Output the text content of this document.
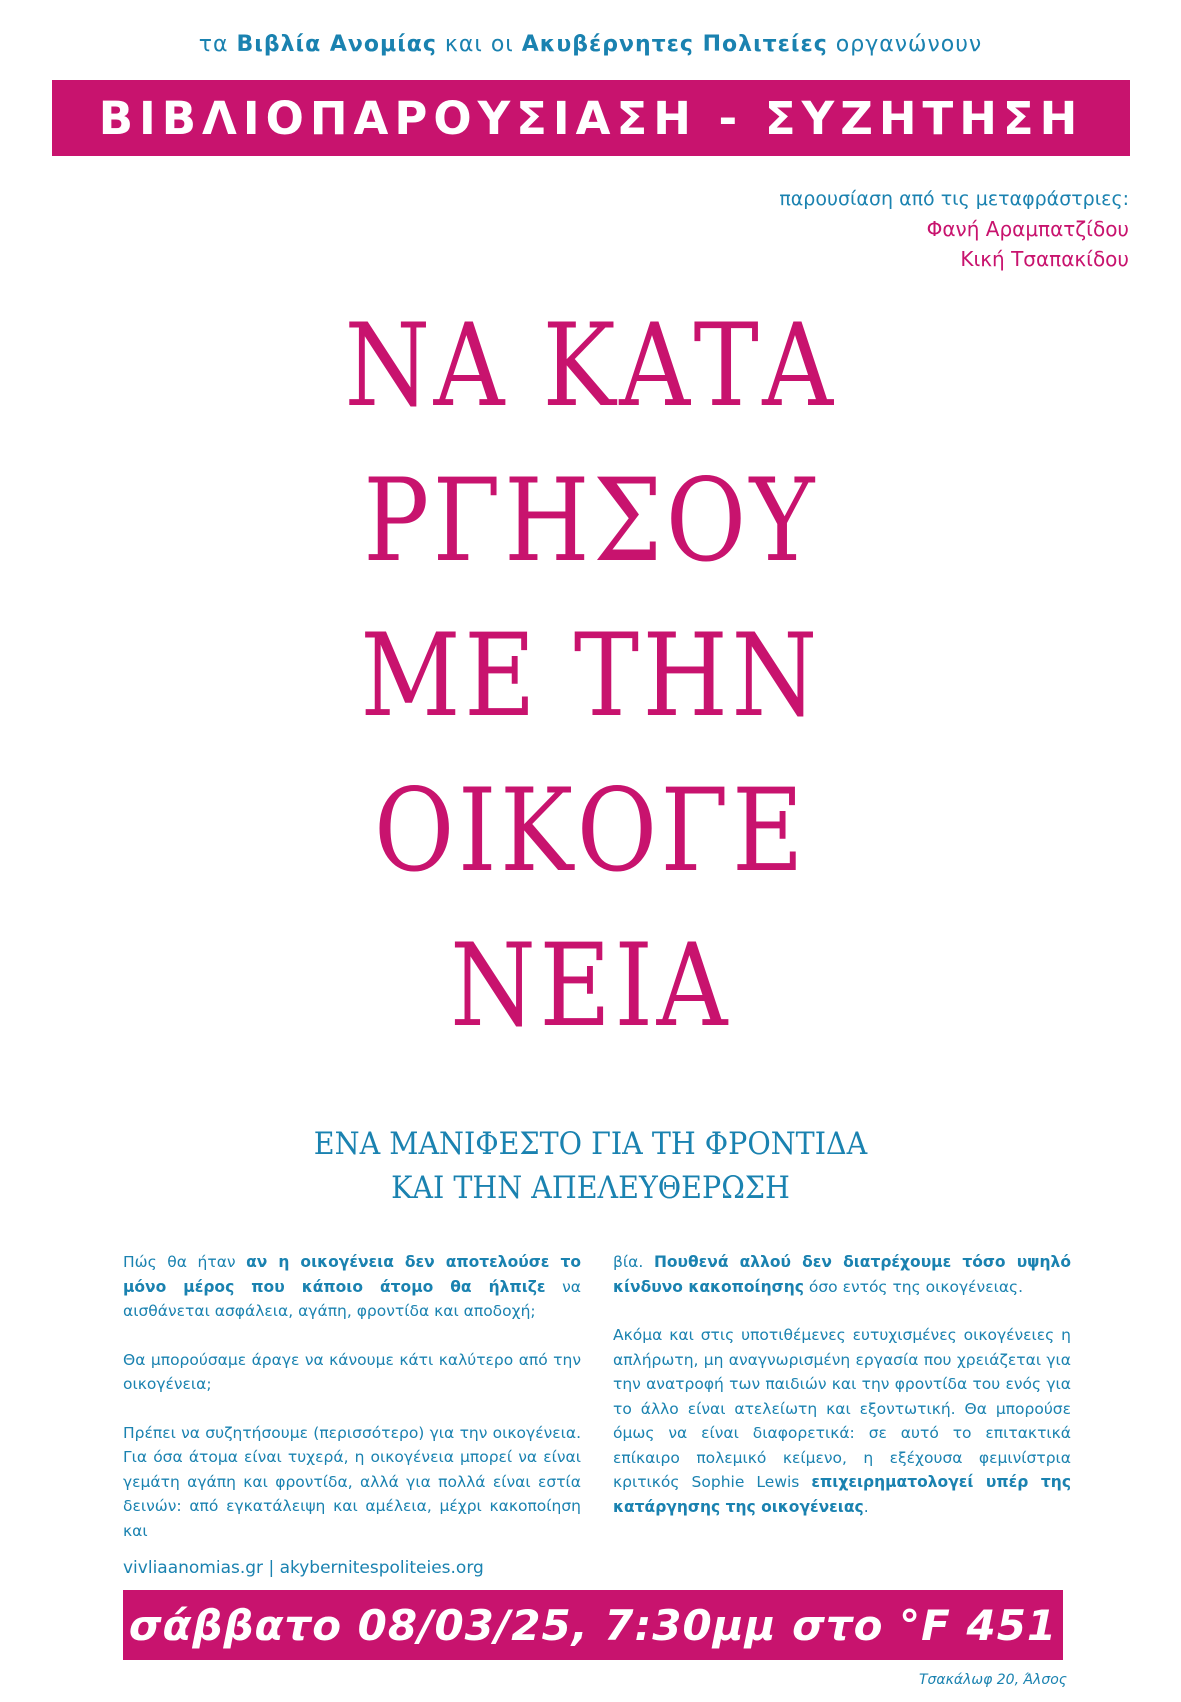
τα Βιβλία Ανομίας και οι Ακυβέρνητες Πολιτείες οργανώνουν
ΒΙΒΛΙΟΠΑΡΟΥΣΙΑΣΗ - ΣΥΖΗΤΗΣΗ
παρουσίαση από τις μεταφράστριες:
Φανή Αραμπατζίδου
Κική Τσαπακίδου
ΝΑ ΚΑΤΑ
ΡΓΗΣΟΥ
ΜΕ ΤΗΝ
ΟΙΚΟΓΕ
ΝΕΙΑ
ΕΝΑ ΜΑΝΙΦΕΣΤΟ ΓΙΑ ΤΗ ΦΡΟΝΤΙΔΑ
ΚΑΙ ΤΗΝ ΑΠΕΛΕΥΘΕΡΩΣΗ

Πώς θα ήταν αν η οικογένεια δεν αποτελούσε το μόνο μέρος που κάποιο άτομο θα ήλπιζε να αισθάνεται ασφάλεια, αγάπη, φροντίδα και αποδοχή;

Θα μπορούσαμε άραγε να κάνουμε κάτι καλύτερο από την οικογένεια;

Πρέπει να συζητήσουμε (περισσότερο) για την οικογένεια. Για όσα άτομα είναι τυχερά, η οικογένεια μπορεί να είναι γεμάτη αγάπη και φροντίδα, αλλά για πολλά είναι εστία δεινών: από εγκατάλειψη και αμέλεια, μέχρι κακοποίηση και

βία. Πουθενά αλλού δεν διατρέχουμε τόσο υψηλό κίνδυνο κακοποίησης όσο εντός της οικογένειας.

Ακόμα και στις υποτιθέμενες ευτυχισμένες οικογένειες η απλήρωτη, μη αναγνωρισμένη εργασία που χρειάζεται για την ανατροφή των παιδιών και την φροντίδα του ενός για το άλλο είναι ατελείωτη και εξοντωτική. Θα μπορούσε όμως να είναι διαφορετικά: σε αυτό το επιτακτικά επίκαιρο πολεμικό κείμενο, η εξέχουσα φεμινίστρια κριτικός Sophie Lewis επιχειρηματολογεί υπέρ της κατάργησης της οικογένειας.

vivliaanomias.gr | akybernitespoliteies.org
σάββατο 08/03/25, 7:30μμ στο °F 451
Τσακάλωφ 20, Άλσος
